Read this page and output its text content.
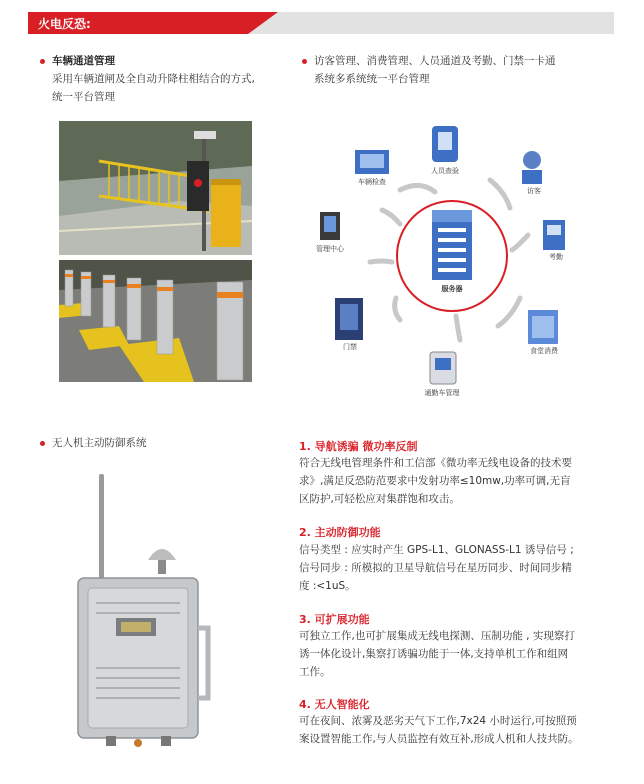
火电反恐:
车辆通道管理
采用车辆道闸及全自动升降柱相结合的方式,
统一平台管理
访客管理、消费管理、人员通道及考勤、门禁一卡通
系统多系统统一平台管理
人员查验
访客
考勤
食堂消费
通勤车管理
门禁
管理中心
车辆检查
服务器
无人机主动防御系统	1. 导航诱骗 微功率反制
符合无线电管理条件和工信部《微功率无线电设备的技术要
求》,满足反恐防范要求中发射功率≤10mw,功率可调,无盲
区防护,可轻松应对集群饱和攻击。
2. 主动防御功能
信号类型 : 应实时产生 GPS-L1、GLONASS-L1 诱导信号 ;
信号同步 : 所模拟的卫星导航信号在星历同步、时间同步精
度 :<1uS。
3. 可扩展功能
可独立工作,也可扩展集成无线电探测、压制功能 , 实现察打
诱一体化设计,集察打诱骗功能于一体,支持单机工作和组网
工作。
4. 无人智能化
可在夜间、浓雾及恶劣天气下工作,7x24 小时运行,可按照预
案设置智能工作,与人员监控有效互补,形成人机和人技共防。
